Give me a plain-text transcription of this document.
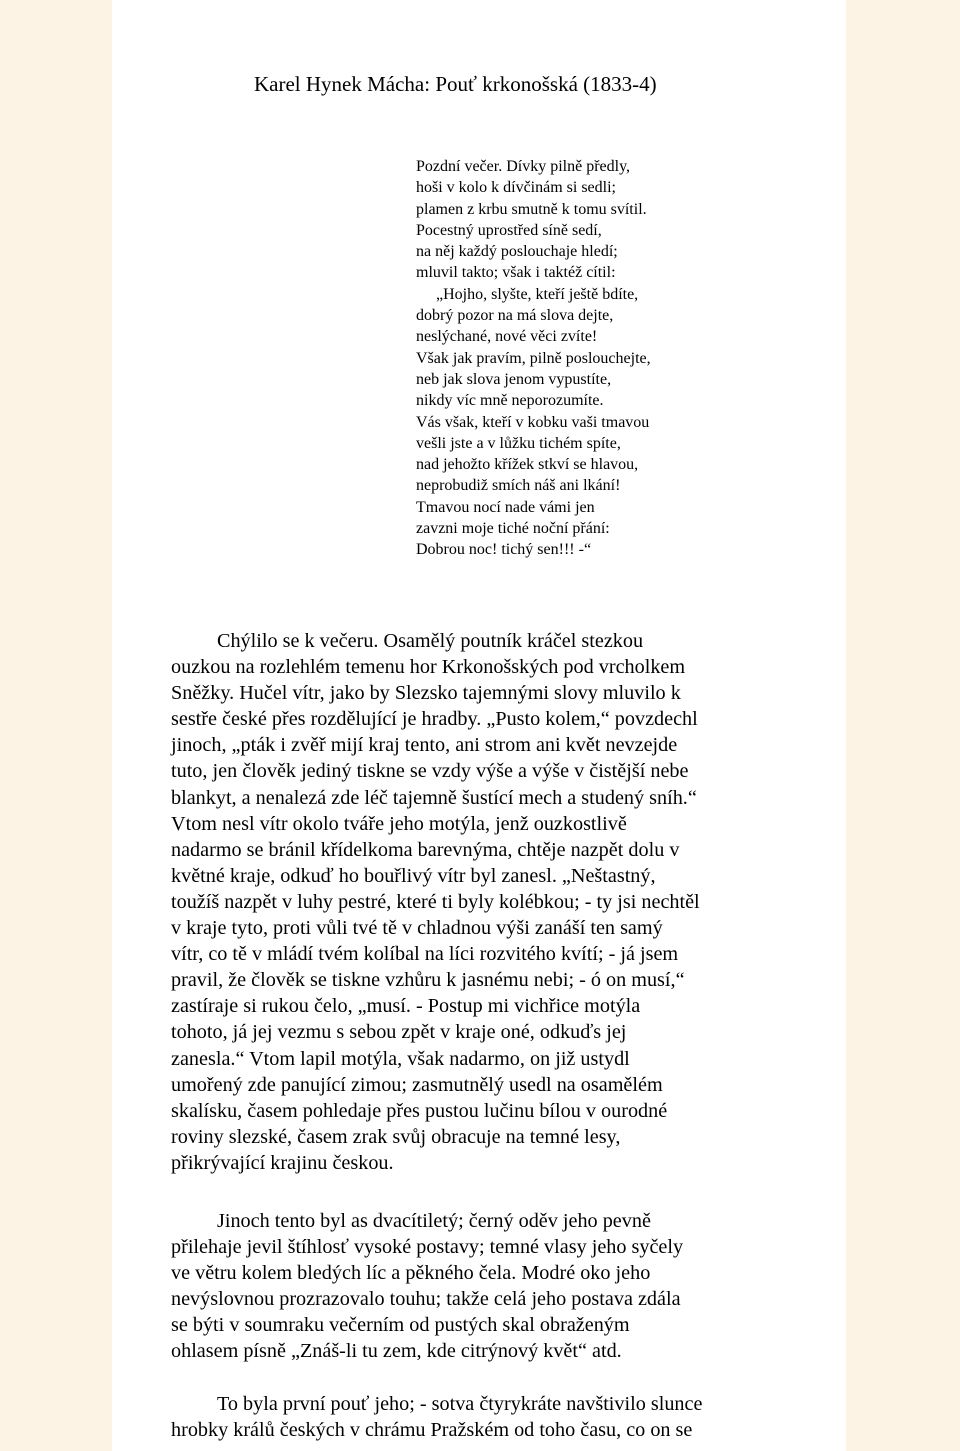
Karel Hynek Mácha: Pouť krkonošská (1833-4)
Pozdní večer. Dívky pilně předly,
hoši v kolo k dívčinám si sedli;
plamen z krbu smutně k tomu svítil.
Pocestný uprostřed síně sedí,
na něj každý poslouchaje hledí;
mluvil takto; však i taktéž cítil:
„Hojho, slyšte, kteří ještě bdíte,
dobrý pozor na má slova dejte,
neslýchané, nové věci zvíte!
Však jak pravím, pilně poslouchejte,
neb jak slova jenom vypustíte,
nikdy víc mně neporozumíte.
Vás však, kteří v kobku vaši tmavou
vešli jste a v lůžku tichém spíte,
nad jehožto křížek stkví se hlavou,
neprobudiž smích náš ani lkání!
Tmavou nocí nade vámi jen
zavzni moje tiché noční přání:
Dobrou noc! tichý sen!!! -“

Chýlilo se k večeru. Osamělý poutník kráčel stezkou
ouzkou na rozlehlém temenu hor Krkonošských pod vrcholkem
Sněžky. Hučel vítr, jako by Slezsko tajemnými slovy mluvilo k
sestře české přes rozdělující je hradby. „Pusto kolem,“ povzdechl
jinoch, „pták i zvěř mijí kraj tento, ani strom ani květ nevzejde
tuto, jen člověk jediný tiskne se vzdy výše a výše v čistější nebe
blankyt, a nenalezá zde léč tajemně šustící mech a studený sníh.“
Vtom nesl vítr okolo tváře jeho motýla, jenž ouzkostlivě
nadarmo se bránil křídelkoma barevnýma, chtěje nazpět dolu v
květné kraje, odkuď ho bouřlivý vítr byl zanesl. „Neštastný,
toužíš nazpět v luhy pestré, které ti byly kolébkou; - ty jsi nechtěl
v kraje tyto, proti vůli tvé tě v chladnou výši zanáší ten samý
vítr, co tě v mládí tvém kolíbal na líci rozvitého kvítí; - já jsem
pravil, že člověk se tiskne vzhůru k jasnému nebi; - ó on musí,“
zastíraje si rukou čelo, „musí. - Postup mi vichřice motýla
tohoto, já jej vezmu s sebou zpět v kraje oné, odkuďs jej
zanesla.“ Vtom lapil motýla, však nadarmo, on již ustydl
umořený zde panující zimou; zasmutnělý usedl na osamělém
skalísku, časem pohledaje přes pustou lučinu bílou v ourodné
roviny slezské, časem zrak svůj obracuje na temné lesy,
přikrývající krajinu českou.

Jinoch tento byl as dvacítiletý; černý oděv jeho pevně
přilehaje jevil štíhlosť vysoké postavy; temné vlasy jeho syčely
ve větru kolem bledých líc a pěkného čela. Modré oko jeho
nevýslovnou prozrazovalo touhu; takže celá jeho postava zdála
se býti v soumraku večerním od pustých skal obraženým
ohlasem písně „Znáš-li tu zem, kde citrýnový květ“ atd.

To byla první pouť jeho; - sotva čtyrykráte navštivilo slunce
hrobky králů českých v chrámu Pražském od toho času, co on se
